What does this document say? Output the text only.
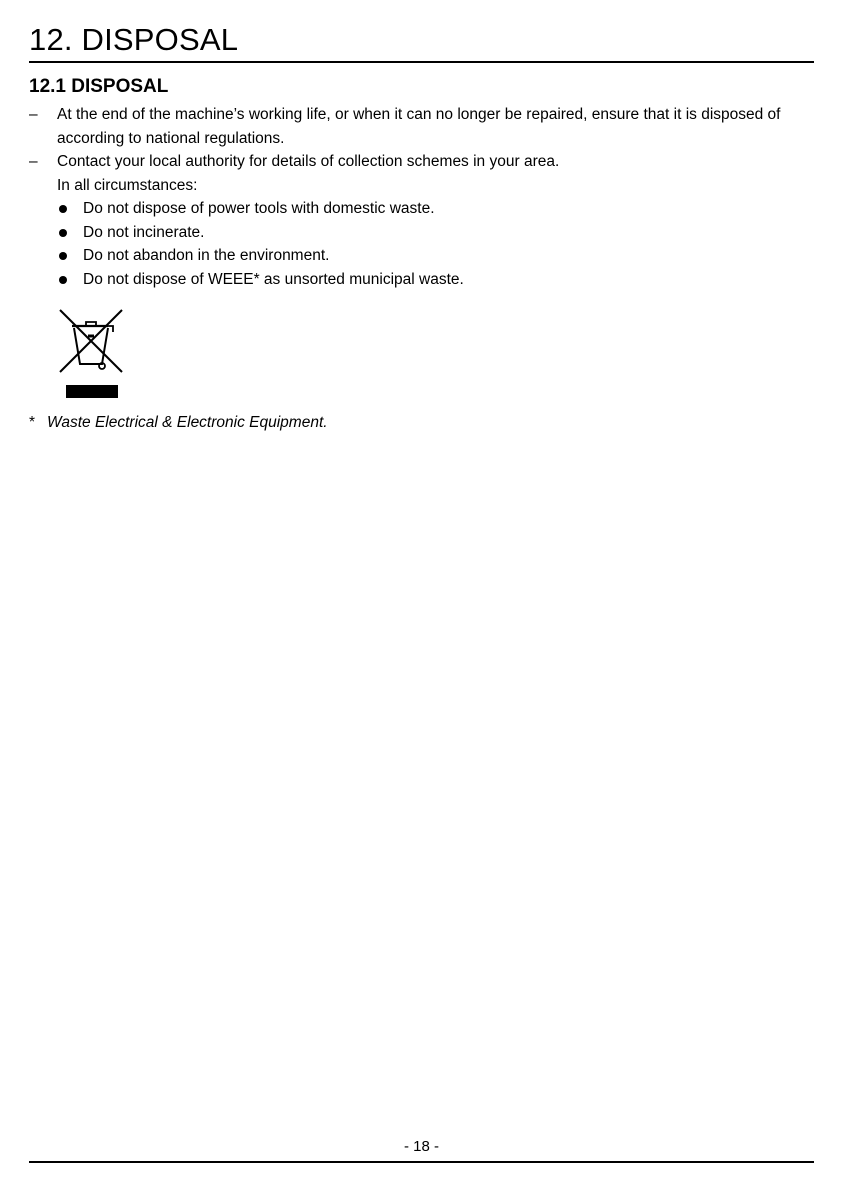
12. DISPOSAL
12.1 DISPOSAL
– At the end of the machine’s working life, or when it can no longer be repaired, ensure that it is disposed of according to national regulations.
– Contact your local authority for details of collection schemes in your area.
In all circumstances:
Do not dispose of power tools with domestic waste.
Do not incinerate.
Do not abandon in the environment.
Do not dispose of WEEE* as unsorted municipal waste.
* Waste Electrical & Electronic Equipment.
- 18 -
